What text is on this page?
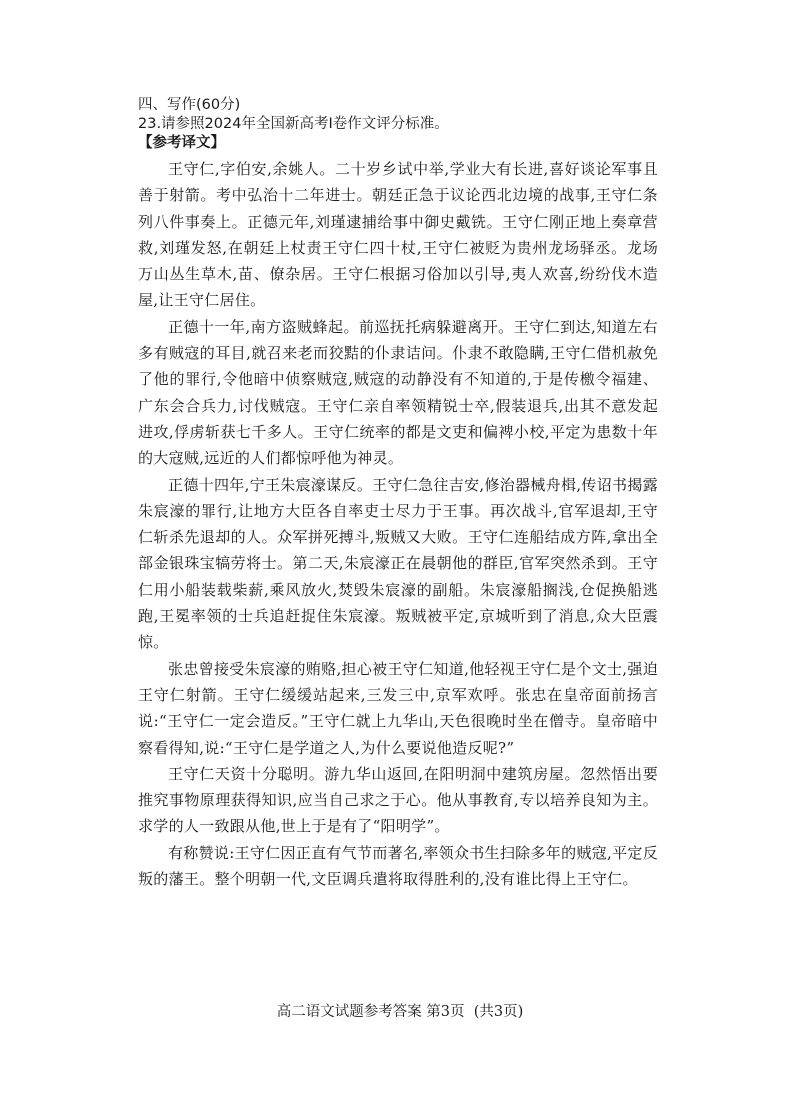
四、写作(60分)

23.请参照2024年全国新高考Ⅰ卷作文评分标准。

【参考译文】

王守仁,字伯安,余姚人。二十岁乡试中举,学业大有长进,喜好谈论军事且善于射箭。考中弘治十二年进士。朝廷正急于议论西北边境的战事,王守仁条列八件事奏上。正德元年,刘瑾逮捕给事中御史戴铣。王守仁刚正地上奏章营救,刘瑾发怒,在朝廷上杖责王守仁四十杖,王守仁被贬为贵州龙场驿丞。龙场万山丛生草木,苗、僚杂居。王守仁根据习俗加以引导,夷人欢喜,纷纷伐木造屋,让王守仁居住。

正德十一年,南方盗贼蜂起。前巡抚托病躲避离开。王守仁到达,知道左右多有贼寇的耳目,就召来老而狡黠的仆隶诘问。仆隶不敢隐瞒,王守仁借机赦免了他的罪行,令他暗中侦察贼寇,贼寇的动静没有不知道的,于是传檄令福建、广东会合兵力,讨伐贼寇。王守仁亲自率领精锐士卒,假装退兵,出其不意发起进攻,俘虏斩获七千多人。王守仁统率的都是文吏和偏裨小校,平定为患数十年的大寇贼,远近的人们都惊呼他为神灵。

正德十四年,宁王朱宸濠谋反。王守仁急往吉安,修治器械舟楫,传诏书揭露朱宸濠的罪行,让地方大臣各自率吏士尽力于王事。再次战斗,官军退却,王守仁斩杀先退却的人。众军拼死搏斗,叛贼又大败。王守仁连船结成方阵,拿出全部金银珠宝犒劳将士。第二天,朱宸濠正在晨朝他的群臣,官军突然杀到。王守仁用小船装载柴薪,乘风放火,焚毁朱宸濠的副船。朱宸濠船搁浅,仓促换船逃跑,王冕率领的士兵追赶捉住朱宸濠。叛贼被平定,京城听到了消息,众大臣震惊。

张忠曾接受朱宸濠的贿赂,担心被王守仁知道,他轻视王守仁是个文士,强迫王守仁射箭。王守仁缓缓站起来,三发三中,京军欢呼。张忠在皇帝面前扬言说:“王守仁一定会造反。”王守仁就上九华山,天色很晚时坐在僧寺。皇帝暗中察看得知,说:“王守仁是学道之人,为什么要说他造反呢?”

王守仁天资十分聪明。游九华山返回,在阳明洞中建筑房屋。忽然悟出要推究事物原理获得知识,应当自己求之于心。他从事教育,专以培养良知为主。求学的人一致跟从他,世上于是有了“阳明学”。

有称赞说:王守仁因正直有气节而著名,率领众书生扫除多年的贼寇,平定反叛的藩王。整个明朝一代,文臣调兵遣将取得胜利的,没有谁比得上王守仁。

高二语文试题参考答案 第3页  (共3页)
